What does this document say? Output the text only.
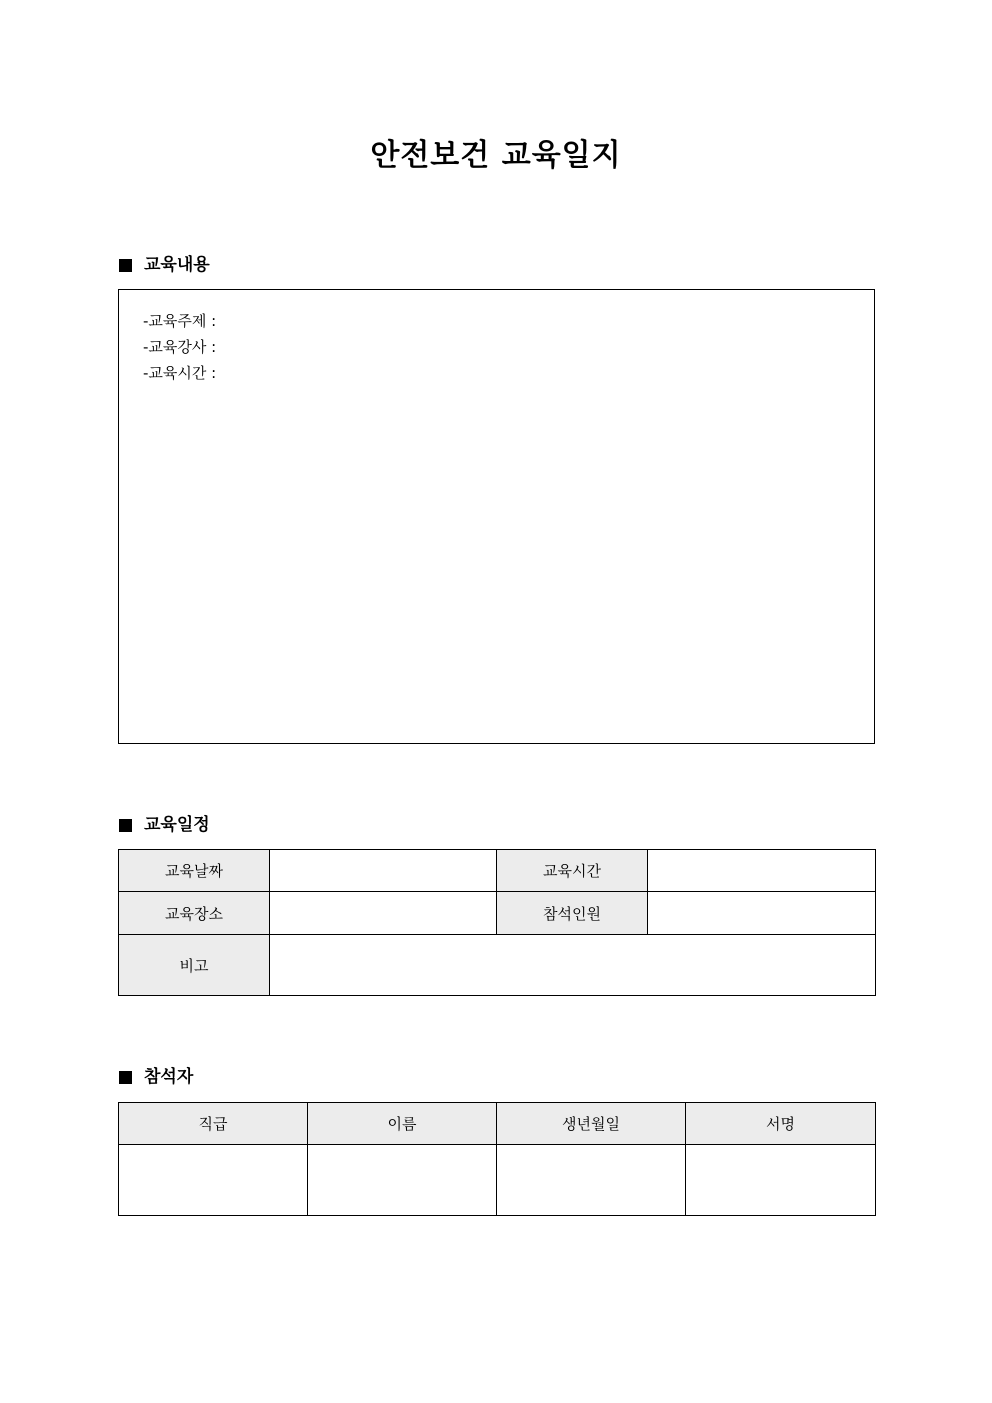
안전보건 교육일지
교육내용
-교육주제 :
-교육강사 :
-교육시간 :
교육일정
교육날짜		교육시간	
교육장소		참석인원	
비고			
참석자
직급	이름	생년월일	서명
